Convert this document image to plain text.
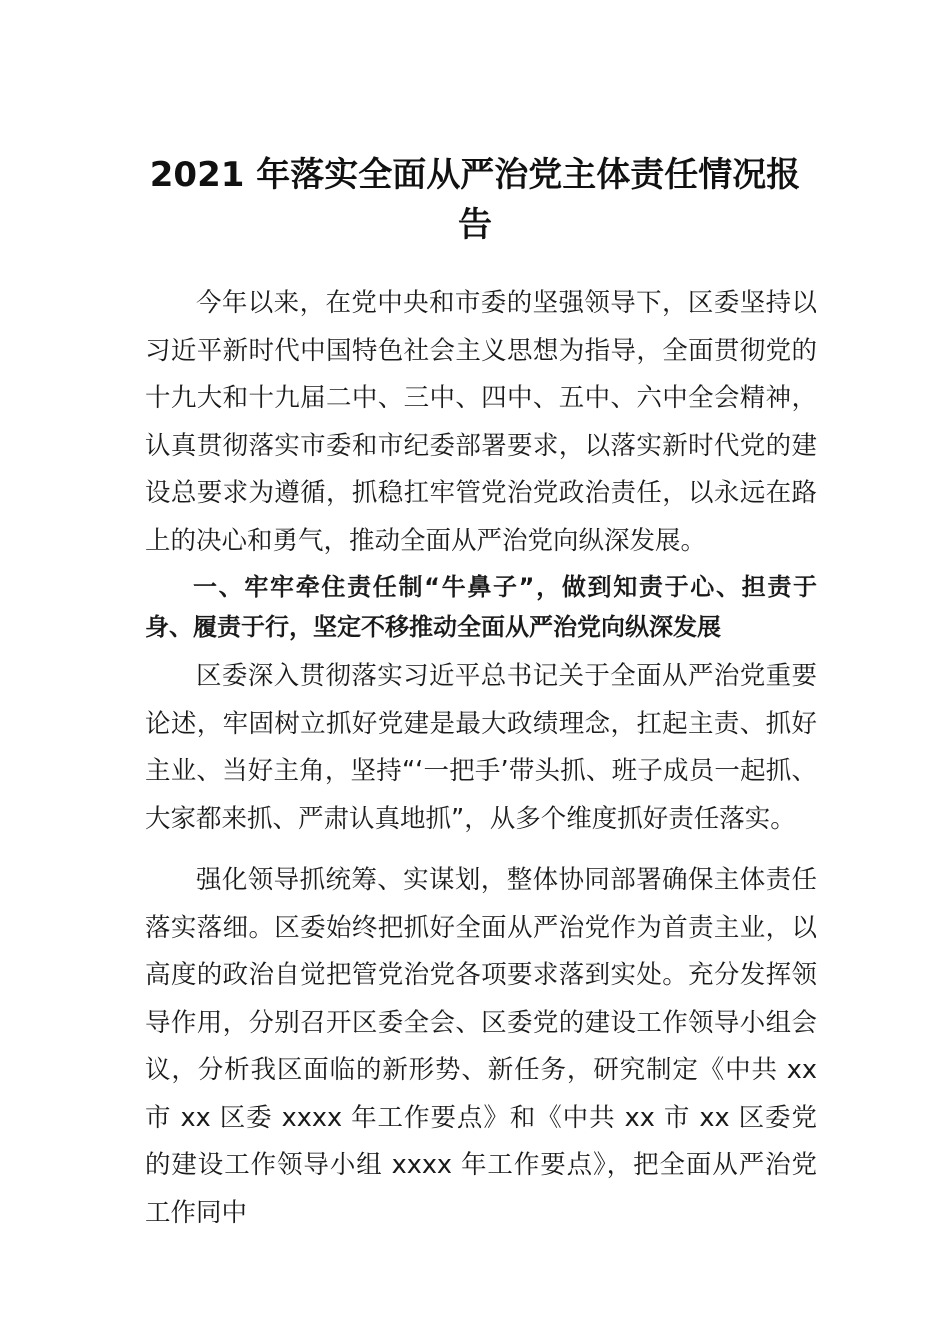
2021 年落实全面从严治党主体责任情况报告

今年以来，在党中央和市委的坚强领导下，区委坚持以习近平新时代中国特色社会主义思想为指导，全面贯彻党的十九大和十九届二中、三中、四中、五中、六中全会精神，认真贯彻落实市委和市纪委部署要求，以落实新时代党的建设总要求为遵循，抓稳扛牢管党治党政治责任，以永远在路上的决心和勇气，推动全面从严治党向纵深发展。

一、牢牢牵住责任制“牛鼻子”，做到知责于心、担责于 身、履责于行，坚定不移推动全面从严治党向纵深发展

区委深入贯彻落实习近平总书记关于全面从严治党重要论述，牢固树立抓好党建是最大政绩理念，扛起主责、抓好主业、当好主角，坚持“‘一把手’带头抓、班子成员一起抓、大家都来抓、严肃认真地抓”，从多个维度抓好责任落实。

强化领导抓统筹、实谋划，整体协同部署确保主体责任落实落细。区委始终把抓好全面从严治党作为首责主业，以高度的政治自觉把管党治党各项要求落到实处。充分发挥领导作用，分别召开区委全会、区委党的建设工作领导小组会议，分析我区面临的新形势、新任务，研究制定《中共 xx 市 xx 区委 xxxx 年工作要点》和《中共 xx 市 xx 区委党的建设工作领导小组 xxxx 年工作要点》，把全面从严治党工作同中
